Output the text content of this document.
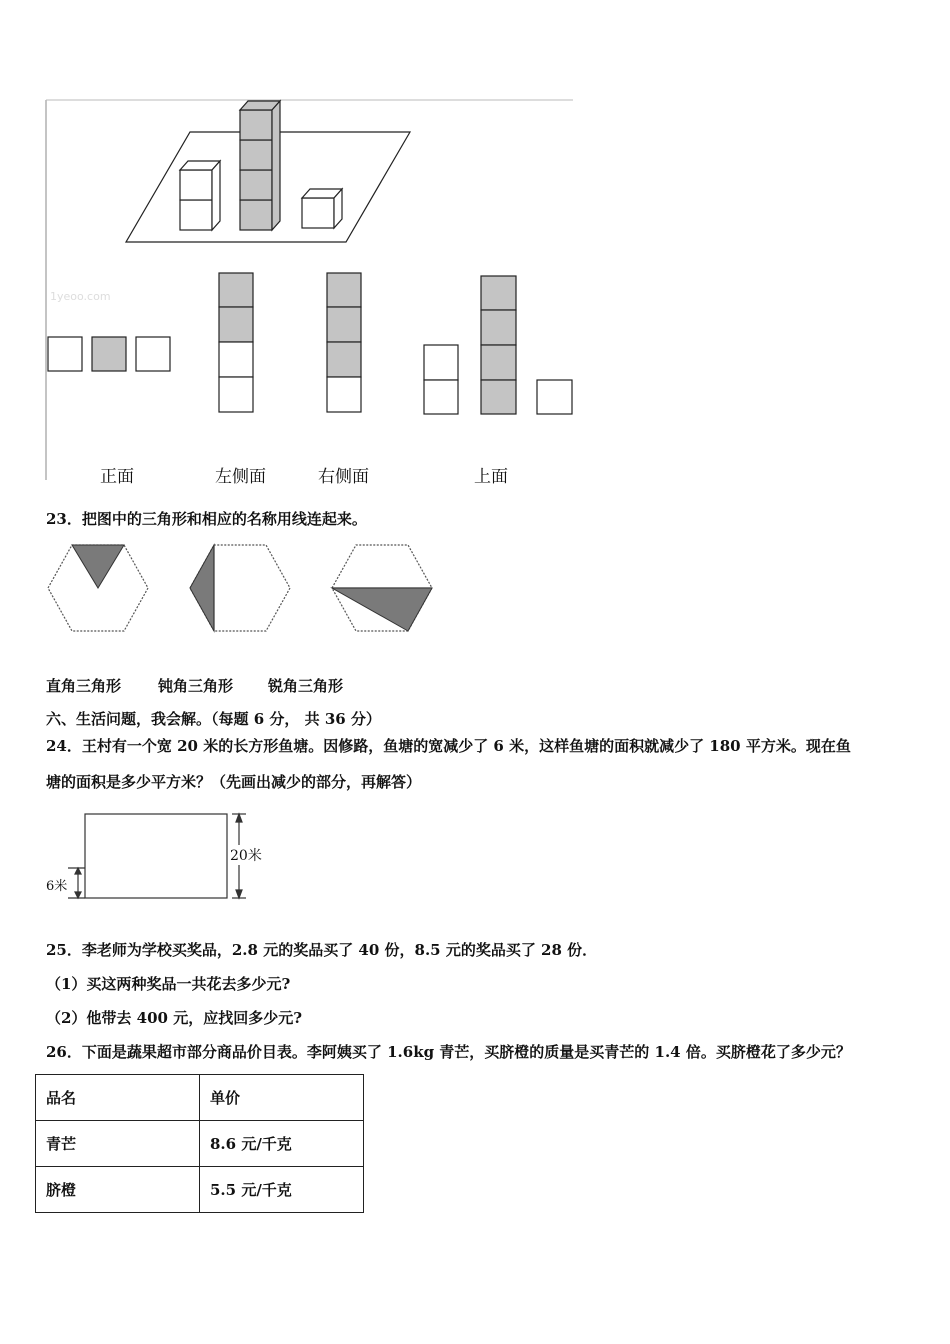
1yeoo.com
正面	左侧面	右侧面	上面
23．把图中的三角形和相应的名称用线连起来。
直角三角形 钝角三角形 锐角三角形
六、生活问题，我会解。（每题 6 分， 共 36 分）
24．王村有一个宽 20 米的长方形鱼塘。因修路，鱼塘的宽减少了 6 米，这样鱼塘的面积就减少了 180 平方米。现在鱼
塘的面积是多少平方米？（先画出减少的部分，再解答）
20米
6米
25．李老师为学校买奖品，2.8 元的奖品买了 40 份，8.5 元的奖品买了 28 份．
（1）买这两种奖品一共花去多少元?
（2）他带去 400 元，应找回多少元?
26．下面是蔬果超市部分商品价目表。李阿姨买了 1.6kg 青芒，买脐橙的质量是买青芒的 1.4 倍。买脐橙花了多少元？
品名	单价
青芒	8.6 元/千克
脐橙	5.5 元/千克
